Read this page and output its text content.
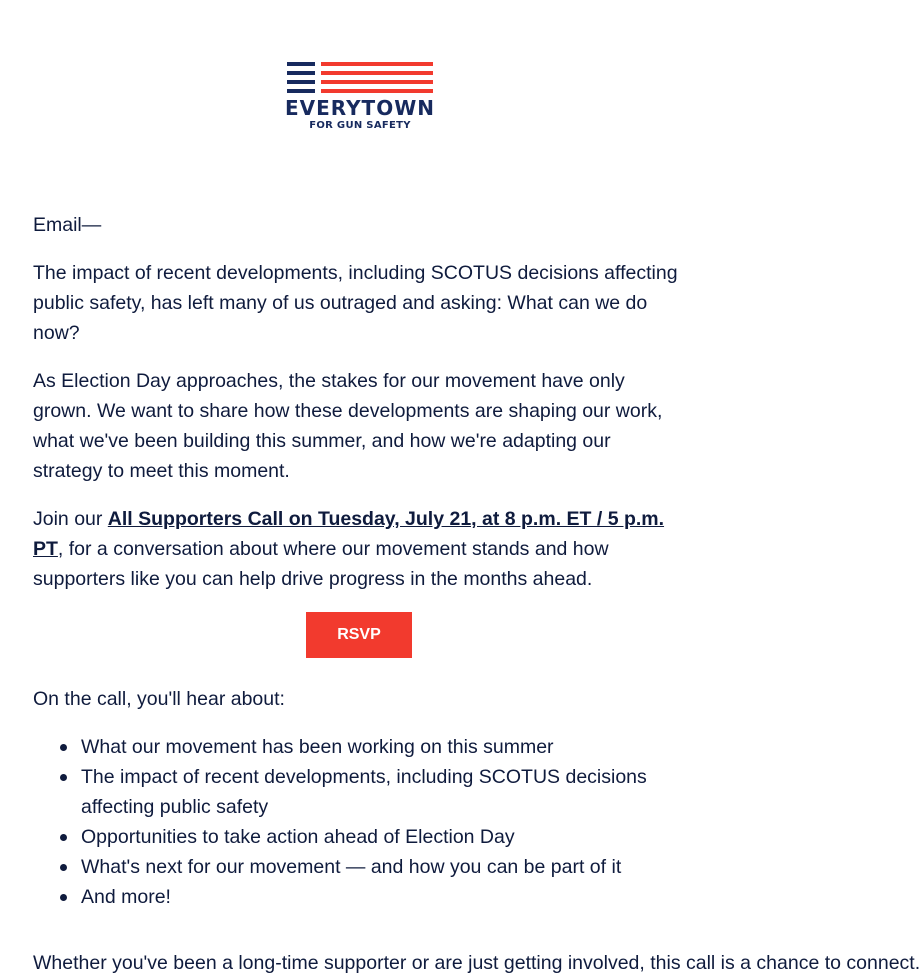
EVERYTOWN
FOR GUN SAFETY

Email—

The impact of recent developments, including SCOTUS decisions affecting public safety, has left many of us outraged and asking: What can we do now?

As Election Day approaches, the stakes for our movement have only grown. We want to share how these developments are shaping our work, what we've been building this summer, and how we're adapting our strategy to meet this moment.

Join our All Supporters Call on Tuesday, July 21, at 8 p.m. ET / 5 p.m. PT, for a conversation about where our movement stands and how supporters like you can help drive progress in the months ahead.

RSVP

On the call, you'll hear about:

What our movement has been working on this summer
The impact of recent developments, including SCOTUS decisions affecting public safety
Opportunities to take action ahead of Election Day
What's next for our movement — and how you can be part of it
And more!
Whether you've been a long-time supporter or are just getting involved, this call is a chance to connect.
